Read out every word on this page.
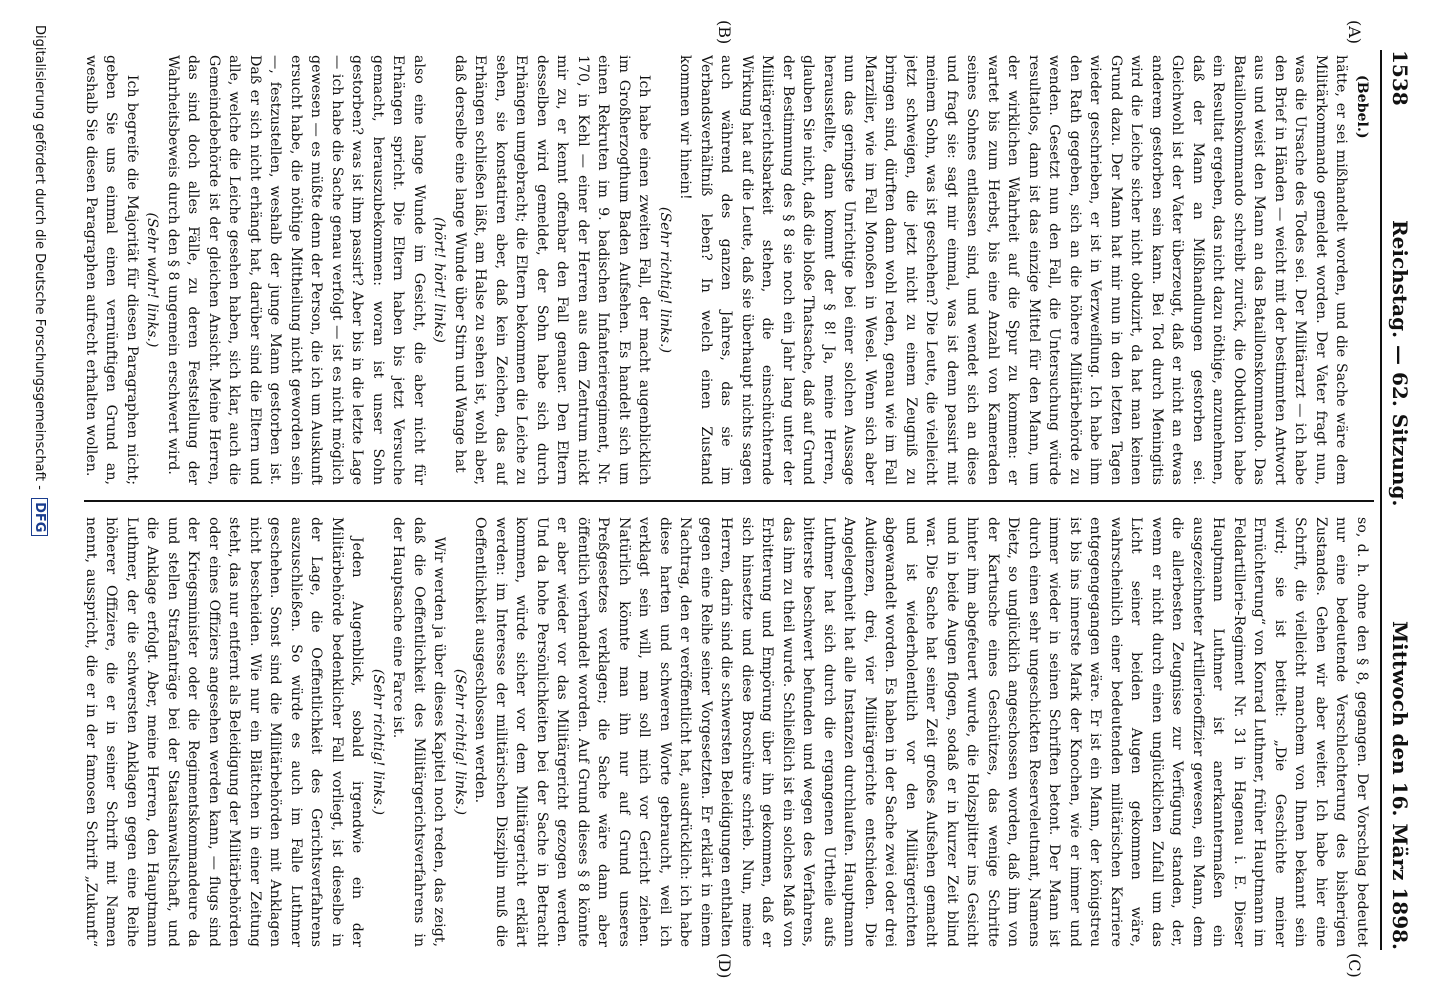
1538
Reichstag. — 62. Sitzung.
Mittwoch den 16. März 1898.
(A)
(B)
(C)
(D)

(Bebel.)

hätte, er sei mißhandelt worden, und die Sache wäre dem Militärkommando gemeldet worden. Der Vater fragt nun, was die Ursache des Todes sei. Der Militärarzt — ich habe den Brief in Händen — weicht mit der bestimmten Antwort aus und weist den Mann an das Bataillonskommando. Das Bataillonskommando schreibt zurück, die Obduktion habe ein Resultat ergeben, das nicht dazu nöthige, anzunehmen, daß der Mann an Mißhandlungen gestorben sei. Gleichwohl ist der Vater überzeugt, daß er nicht an etwas anderem gestorben sein kann. Bei Tod durch Meningitis wird die Leiche sicher nicht obduzirt, da hat man keinen Grund dazu. Der Mann hat mir nun in den letzten Tagen wieder geschrieben, er ist in Verzweiflung. Ich habe ihm den Rath gegeben, sich an die höhere Militärbehörde zu wenden. Gesetzt nun den Fall, die Untersuchung würde resultatlos, dann ist das einzige Mittel für den Mann, um der wirklichen Wahrheit auf die Spur zu kommen: er wartet bis zum Herbst, bis eine Anzahl von Kameraden seines Sohnes entlassen sind, und wendet sich an diese und fragt sie: sagt mir einmal, was ist denn passirt mit meinem Sohn, was ist geschehen? Die Leute, die vielleicht jetzt schweigen, die jetzt nicht zu einem Zeugniß zu bringen sind, dürften dann wohl reden, genau wie im Fall Marzilier, wie im Fall Monoßen in Wesel. Wenn sich aber nun das geringste Unrichtige bei einer solchen Aussage herausstellte, dann kommt der § 8! Ja, meine Herren, glauben Sie nicht, daß die bloße Thatsache, daß auf Grund der Bestimmung des § 8 sie noch ein Jahr lang unter der Militärgerichtsbarkeit stehen, die einschüchternde Wirkung hat auf die Leute, daß sie überhaupt nichts sagen auch während des ganzen Jahres, das sie im Verbandsverhältniß leben? In welch einen Zustand kommen wir hinein!

(Sehr richtig! links.)

Ich habe einen zweiten Fall, der macht augenblicklich im Großherzogthum Baden Aufsehen. Es handelt sich um einen Rekruten im 9. badischen Infanterieregiment, Nr. 170, in Kehl — einer der Herren aus dem Zentrum nickt mir zu, er kennt offenbar den Fall genauer. Den Eltern desselben wird gemeldet, der Sohn habe sich durch Erhängen umgebracht; die Eltern bekommen die Leiche zu sehen, sie konstatiren aber, daß kein Zeichen, das auf Erhängen schließen läßt, am Halse zu sehen ist, wohl aber, daß derselbe eine lange Wunde über Stirn und Wange hat

(hört! hört! links)

also eine lange Wunde im Gesicht, die aber nicht für Erhängen spricht. Die Eltern haben bis jetzt Versuche gemacht, herauszubekommen: woran ist unser Sohn gestorben? was ist ihm passirt? Aber bis in die letzte Lage — ich habe die Sache genau verfolgt — ist es nicht möglich gewesen — es müßte denn der Person, die ich um Auskunft ersucht habe, die nöthige Mittheilung nicht geworden sein —, festzustellen, weshalb der junge Mann gestorben ist. Daß er sich nicht erhängt hat, darüber sind die Eltern und alle, welche die Leiche gesehen haben, sich klar, auch die Gemeindebehörde ist der gleichen Ansicht. Meine Herren, das sind doch alles Fälle, zu deren Feststellung der Wahrheitsbeweis durch den § 8 ungemein erschwert wird.

(Sehr wahr! links.)

Ich begreife die Majorität für diesen Paragraphen nicht; geben Sie uns einmal einen vernünftigen Grund an, weshalb Sie diesen Paragraphen aufrecht erhalten wollen.

so, d. h. ohne den § 8, gegangen. Der Vorschlag bedeutet nur eine bedeutende Verschlechterung des bisherigen Zustandes. Gehen wir aber weiter. Ich habe hier eine Schrift, die vielleicht manchem von Ihnen bekannt sein wird; sie ist betitelt: „Die Geschichte meiner Ernüchterung“ von Konrad Luthmer, früher Hauptmann im Feldartillerie-Regiment Nr. 31 in Hagenau i. E. Dieser Hauptmann Luthmer ist anerkanntermaßen ein ausgezeichneter Artillerieoffizier gewesen, ein Mann, dem die allerbesten Zeugnisse zur Verfügung standen, der, wenn er nicht durch einen unglücklichen Zufall um das Licht seiner beiden Augen gekommen wäre, wahrscheinlich einer bedeutenden militärischen Karriere entgegengegangen wäre. Er ist ein Mann, der königstreu ist bis ins innerste Mark der Knochen, wie er immer und immer wieder in seinen Schriften betont. Der Mann ist durch einen sehr ungeschickten Reserveleutnant, Namens Dietz, so unglücklich angeschossen worden, daß ihm von der Kartusche eines Geschützes, das wenige Schritte hinter ihm abgefeuert wurde, die Holzsplitter ins Gesicht und in beide Augen flogen, sodaß er in kurzer Zeit blind war. Die Sache hat seiner Zeit großes Aufsehen gemacht und ist wiederholentlich vor den Militärgerichten abgewandelt worden. Es haben in der Sache zwei oder drei Audienzen, drei, vier Militärgerichte entschieden. Die Angelegenheit hat alle Instanzen durchlaufen. Hauptmann Luthmer hat sich durch die ergangenen Urtheile aufs bitterste beschwert befunden und wegen des Verfahrens, das ihm zu theil wurde. Schließlich ist ein solches Maß von Erbitterung und Empörung über ihn gekommen, daß er sich hinsetzte und diese Broschüre schrieb. Nun, meine Herren, darin sind die schwersten Beleidigungen enthalten gegen eine Reihe seiner Vorgesetzten. Er erklärt in einem Nachtrag, den er veröffentlicht hat, ausdrücklich: ich habe diese harten und schweren Worte gebraucht, weil ich verklagt sein will, man soll mich vor Gericht ziehen. Natürlich könnte man ihn nur auf Grund unseres Preßgesetzes verklagen; die Sache wäre dann aber öffentlich verhandelt worden. Auf Grund dieses § 8 könnte er aber wieder vor das Militärgericht gezogen werden. Und da hohe Persönlichkeiten bei der Sache in Betracht kommen, würde sicher vor dem Militärgericht erklärt werden: im Interesse der militärischen Disziplin muß die Oeffentlichkeit ausgeschlossen werden.

(Sehr richtig! links.)

Wir werden ja über dieses Kapitel noch reden, das zeigt, daß die Oeffentlichkeit des Militärgerichtsverfahrens in der Hauptsache eine Farce ist.

(Sehr richtig! links.)

Jeden Augenblick, sobald irgendwie ein der Militärbehörde bedenklicher Fall vorliegt, ist dieselbe in der Lage, die Oeffentlichkeit des Gerichtsverfahrens auszuschließen. So würde es auch im Falle Luthmer geschehen. Sonst sind die Militärbehörden mit Anklagen nicht bescheiden. Wie nur ein Blättchen in einer Zeitung steht, das nur entfernt als Beleidigung der Militärbehörden oder eines Offiziers angesehen werden kann, — flugs sind der Kriegsminister oder die Regimentskommandeure da und stellen Strafanträge bei der Staatsanwaltschaft, und die Anklage erfolgt. Aber, meine Herren, den Hauptmann Luthmer, der die schwersten Anklagen gegen eine Reihe höherer Offiziere, die er in seiner Schrift mit Namen nennt, ausspricht, die er in der famosen Schrift „Zukunft“

Digitalisierung gefördert durch die Deutsche Forschungsgemeinschaft - DFG
